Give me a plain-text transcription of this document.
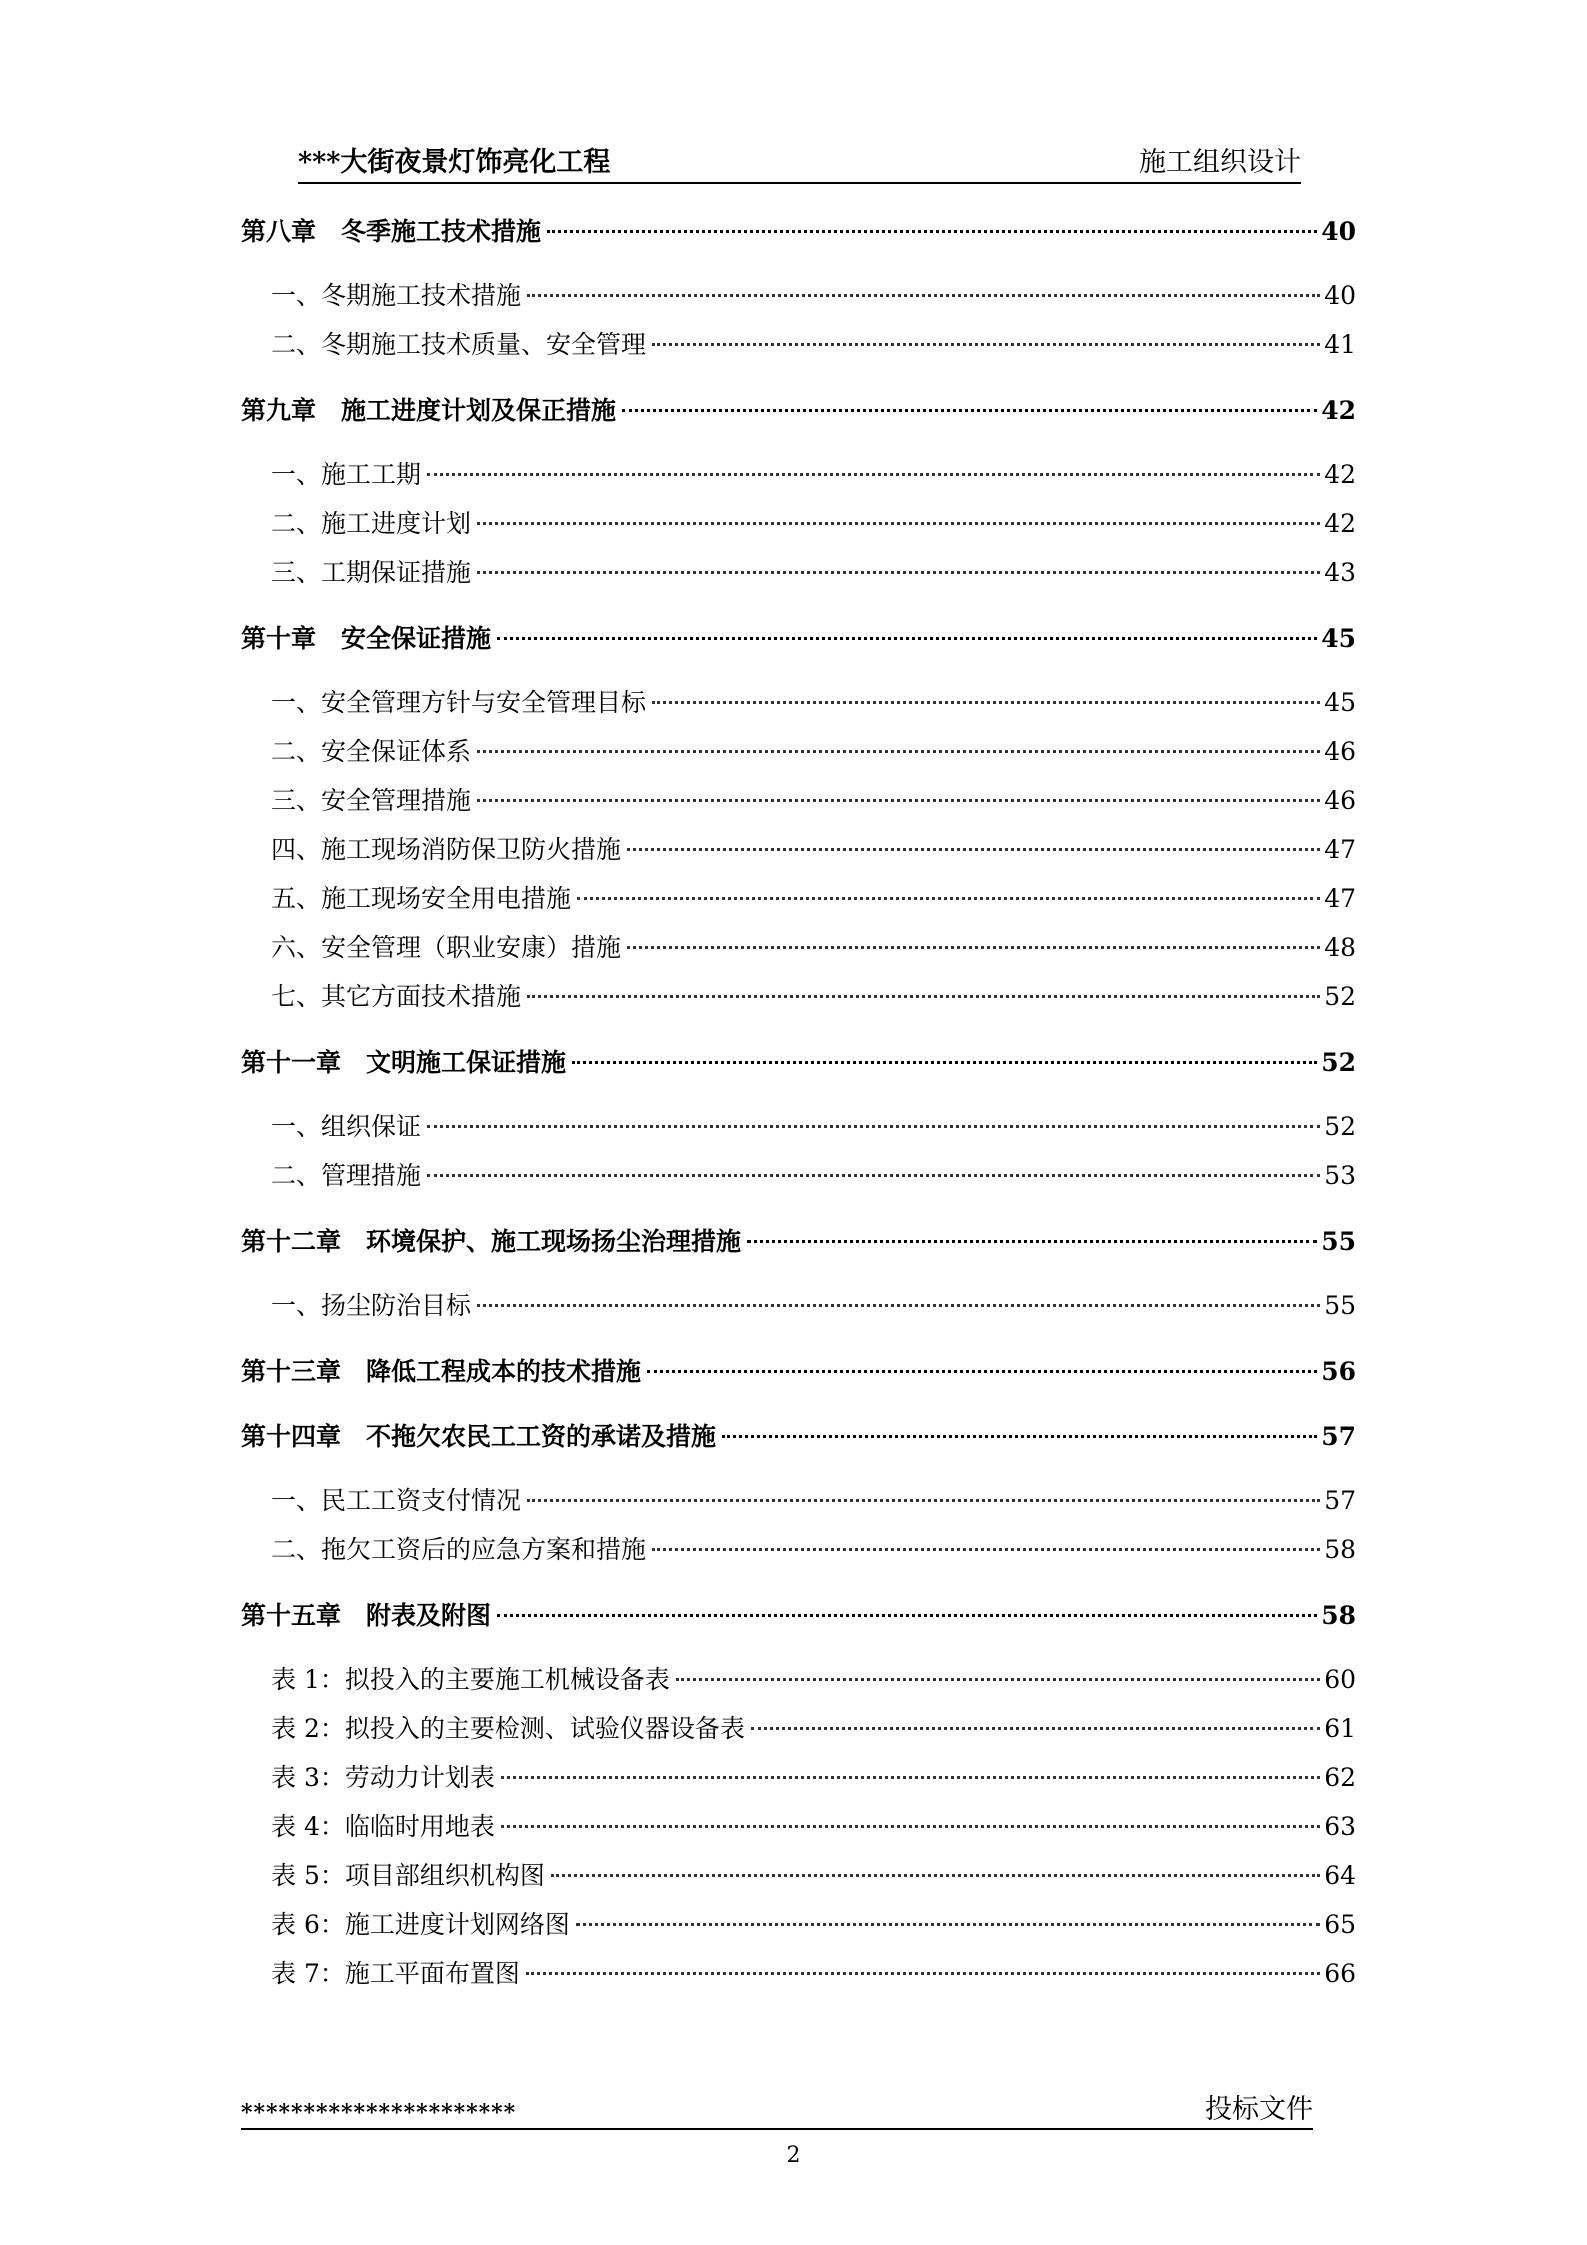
***大街夜景灯饰亮化工程	施工组织设计
第八章　冬季施工技术措施	40
一、冬期施工技术措施	40
二、冬期施工技术质量、安全管理	41
第九章　施工进度计划及保正措施	42
一、施工工期	42
二、施工进度计划	42
三、工期保证措施	43
第十章　安全保证措施	45
一、安全管理方针与安全管理目标	45
二、安全保证体系	46
三、安全管理措施	46
四、施工现场消防保卫防火措施	47
五、施工现场安全用电措施	47
六、安全管理（职业安康）措施	48
七、其它方面技术措施	52
第十一章　文明施工保证措施	52
一、组织保证	52
二、管理措施	53
第十二章　环境保护、施工现场扬尘治理措施	55
一、扬尘防治目标	55
第十三章　降低工程成本的技术措施	56
第十四章　不拖欠农民工工资的承诺及措施	57
一、民工工资支付情况	57
二、拖欠工资后的应急方案和措施	58
第十五章　附表及附图	58
表 1：拟投入的主要施工机械设备表	60
表 2：拟投入的主要检测、试验仪器设备表	61
表 3：劳动力计划表	62
表 4：临临时用地表	63
表 5：项目部组织机构图	64
表 6：施工进度计划网络图	65
表 7：施工平面布置图	66
**********************	投标文件
2
